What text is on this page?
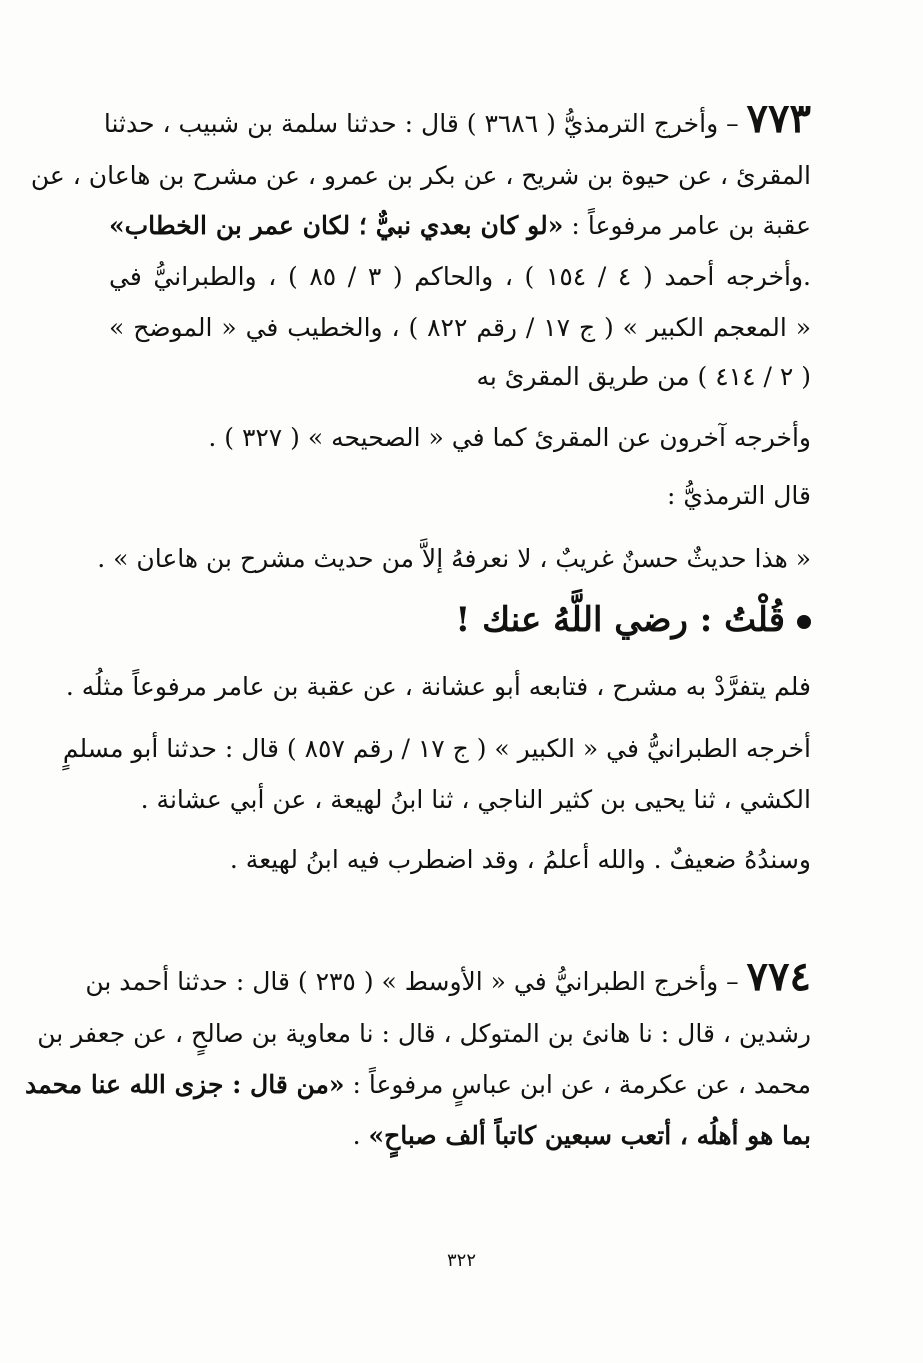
٧٧٣ – وأخرج الترمذيُّ ( ٣٦٨٦ ) قال : حدثنا سلمة بن شبيب ، حدثنا
المقرئ ، عن حيوة بن شريح ، عن بكر بن عمرو ، عن مشرح بن هاعان ، عن
عقبة بن عامر مرفوعاً : «لو كان بعدي نبيٌّ ؛ لكان عمر بن الخطاب»
.وأخرجه أحمد ( ٤ / ١٥٤ ) ، والحاكم ( ٣ / ٨٥ ) ، والطبرانيُّ في
« المعجم الكبير » ( ج ١٧ / رقم ٨٢٢ ) ، والخطيب في « الموضح »
( ٢ / ٤١٤ ) من طريق المقرئ به
وأخرجه آخرون عن المقرئ كما في « الصحيحه » ( ٣٢٧ ) .
قال الترمذيُّ :
« هذا حديثٌ حسنٌ غريبٌ ، لا نعرفهُ إلاَّ من حديث مشرح بن هاعان » .
قُلْتُ : رضي اللَّهُ عنك !
فلم يتفرَّدْ به مشرح ، فتابعه أبو عشانة ، عن عقبة بن عامر مرفوعاً مثلُه .
أخرجه الطبرانيُّ في « الكبير » ( ج ١٧ / رقم ٨٥٧ ) قال : حدثنا أبو مسلمٍ
الكشي ، ثنا يحيى بن كثير الناجي ، ثنا ابنُ لهيعة ، عن أبي عشانة .
وسندُهُ ضعيفٌ . والله أعلمُ ، وقد اضطرب فيه ابنُ لهيعة .
٧٧٤ – وأخرج الطبرانيُّ في « الأوسط » ( ٢٣٥ ) قال : حدثنا أحمد بن
رشدين ، قال : نا هانئ بن المتوكل ، قال : نا معاوية بن صالحٍ ، عن جعفر بن
محمد ، عن عكرمة ، عن ابن عباسٍ مرفوعاً : «من قال : جزى الله عنا محمد
بما هو أهلُه ، أتعب سبعين كاتباً ألف صباحٍ» .
٣٢٢
